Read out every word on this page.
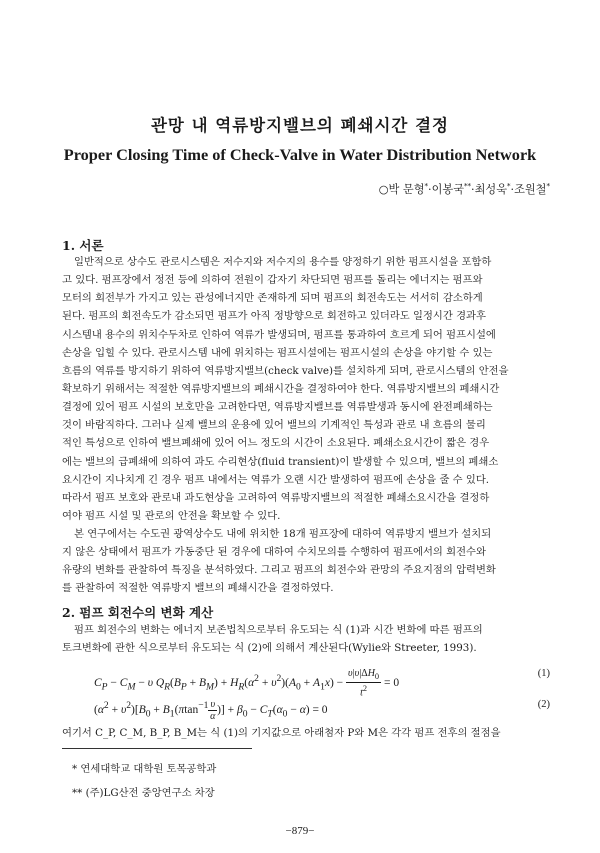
관망 내 역류방지밸브의 폐쇄시간 결정
Proper Closing Time of Check-Valve in Water Distribution Network
○박 문형*·이봉국**·최성욱*·조원철*
1. 서론
일반적으로 상수도 관로시스템은 저수지와 저수지의 용수를 양정하기 위한 펌프시설을 포함하
고 있다. 펌프장에서 정전 등에 의하여 전원이 갑자기 차단되면 펌프를 돌리는 에너지는 펌프와
모터의 회전부가 가지고 있는 관성에너지만 존재하게 되며 펌프의 회전속도는 서서히 감소하게
된다. 펌프의 회전속도가 감소되면 펌프가 아직 정방향으로 회전하고 있더라도 일정시간 경과후
시스템내 용수의 위치수두차로 인하여 역류가 발생되며, 펌프를 통과하여 흐르게 되어 펌프시설에
손상을 입힐 수 있다. 관로시스템 내에 위치하는 펌프시설에는 펌프시설의 손상을 야기할 수 있는
흐름의 역류를 방지하기 위하여 역류방지밸브(check valve)를 설치하게 되며, 관로시스템의 안전을
확보하기 위해서는 적절한 역류방지밸브의 폐쇄시간을 결정하여야 한다. 역류방지밸브의 폐쇄시간
결정에 있어 펌프 시설의 보호만을 고려한다면, 역류방지밸브를 역류발생과 동시에 완전폐쇄하는
것이 바람직하다. 그러나 실제 밸브의 운용에 있어 밸브의 기계적인 특성과 관로 내 흐름의 물리
적인 특성으로 인하여 밸브폐쇄에 있어 어느 정도의 시간이 소요된다. 폐쇄소요시간이 짧은 경우
에는 밸브의 급폐쇄에 의하여 과도 수리현상(fluid transient)이 발생할 수 있으며, 밸브의 폐쇄소
요시간이 지나치게 긴 경우 펌프 내에서는 역류가 오랜 시간 발생하여 펌프에 손상을 줄 수 있다.
따라서 펌프 보호와 관로내 과도현상을 고려하여 역류방지밸브의 적절한 폐쇄소요시간을 결정하
여야 펌프 시설 및 관로의 안전을 확보할 수 있다.
본 연구에서는 수도권 광역상수도 내에 위치한 18개 펌프장에 대하여 역류방지 밸브가 설치되
지 않은 상태에서 펌프가 가동중단 된 경우에 대하여 수치모의를 수행하여 펌프에서의 회전수와
유량의 변화를 관찰하여 특징을 분석하였다. 그리고 펌프의 회전수와 관망의 주요지점의 압력변화
를 관찰하여 적절한 역류방지 밸브의 폐쇄시간을 결정하였다.
2. 펌프 회전수의 변화 계산
펌프 회전수의 변화는 에너지 보존법칙으로부터 유도되는 식 (1)과 시간 변화에 따른 펌프의
토크변화에 관한 식으로부터 유도되는 식 (2)에 의해서 계산된다(Wylie와 Streeter, 1993).
$C_P - C_M - \upsilon$ $Q_R(B_P + B_M) + H_R(\alpha^2 + \upsilon^2)(A_0 + A_1x) - \frac{\upsilon|\upsilon|\Delta H_0}{t^2} = 0$
(1)
$(\alpha^2 + \upsilon^2)[B_0 + B_1(\pi\tan^{-1} \frac{\upsilon}{\alpha}$ )] + $\beta_0 - C_T(\alpha_0 - \alpha) = 0$	(2)
여기서 C_P, C_M, B_P, B_M는 식 (1)의 기지값으로 아래첨자 P와 M은 각각 펌프 전후의 절점을
* 연세대학교 대학원 토목공학과
** (주)LG산전 중앙연구소 차장
−879−
